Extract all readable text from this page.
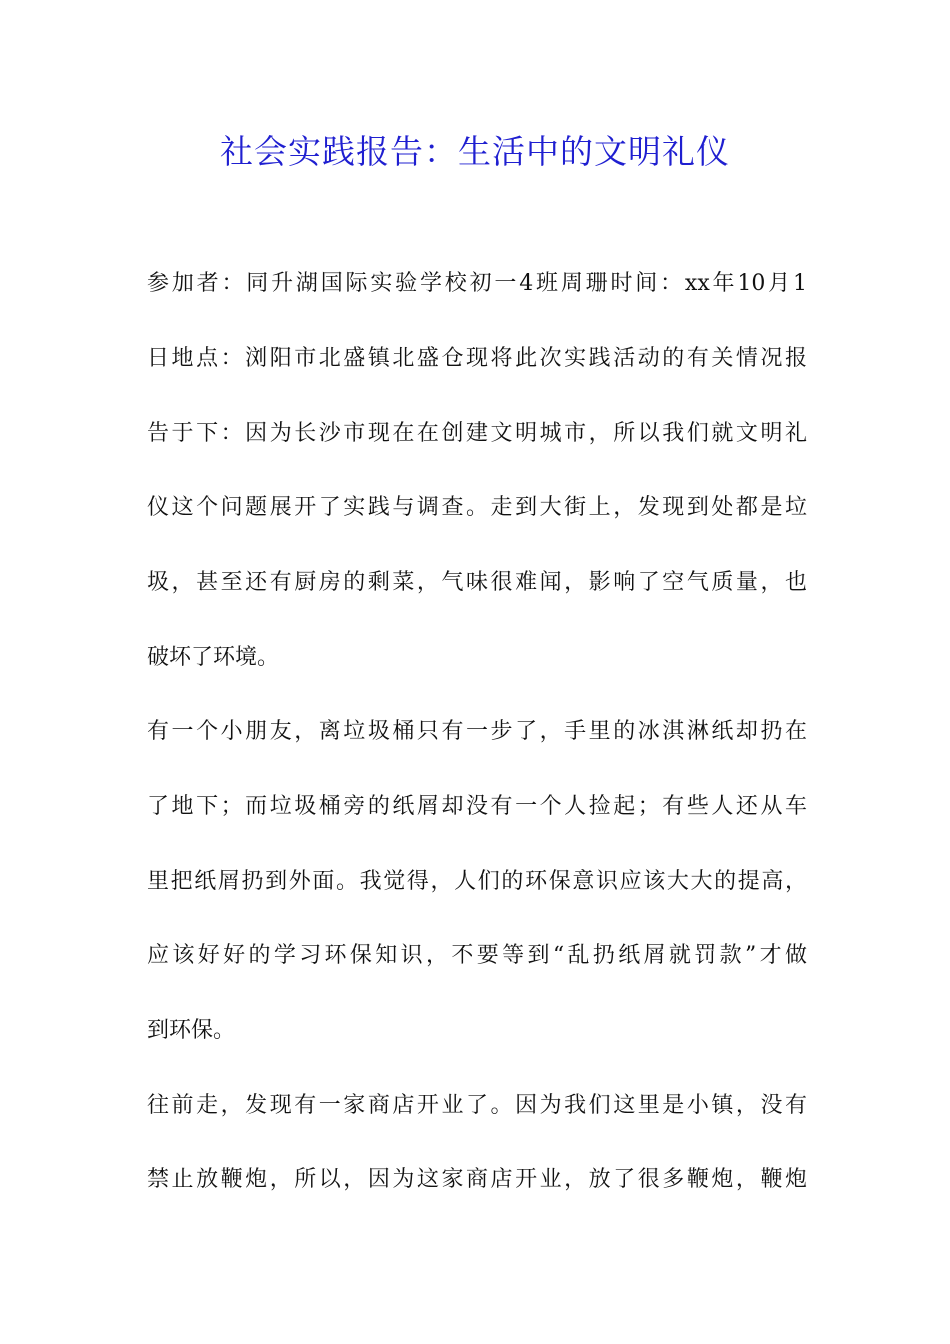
社会实践报告：生活中的文明礼仪

参加者：同升湖国际实验学校初一4班周珊时间：xx年10月1

日地点：浏阳市北盛镇北盛仓现将此次实践活动的有关情况报

告于下：因为长沙市现在在创建文明城市，所以我们就文明礼

仪这个问题展开了实践与调查。走到大街上，发现到处都是垃

圾，甚至还有厨房的剩菜，气味很难闻，影响了空气质量，也

破坏了环境。

有一个小朋友，离垃圾桶只有一步了，手里的冰淇淋纸却扔在

了地下；而垃圾桶旁的纸屑却没有一个人捡起；有些人还从车

里把纸屑扔到外面。我觉得，人们的环保意识应该大大的提高，

应该好好的学习环保知识，不要等到“乱扔纸屑就罚款”才做

到环保。

往前走，发现有一家商店开业了。因为我们这里是小镇，没有

禁止放鞭炮，所以，因为这家商店开业，放了很多鞭炮，鞭炮
